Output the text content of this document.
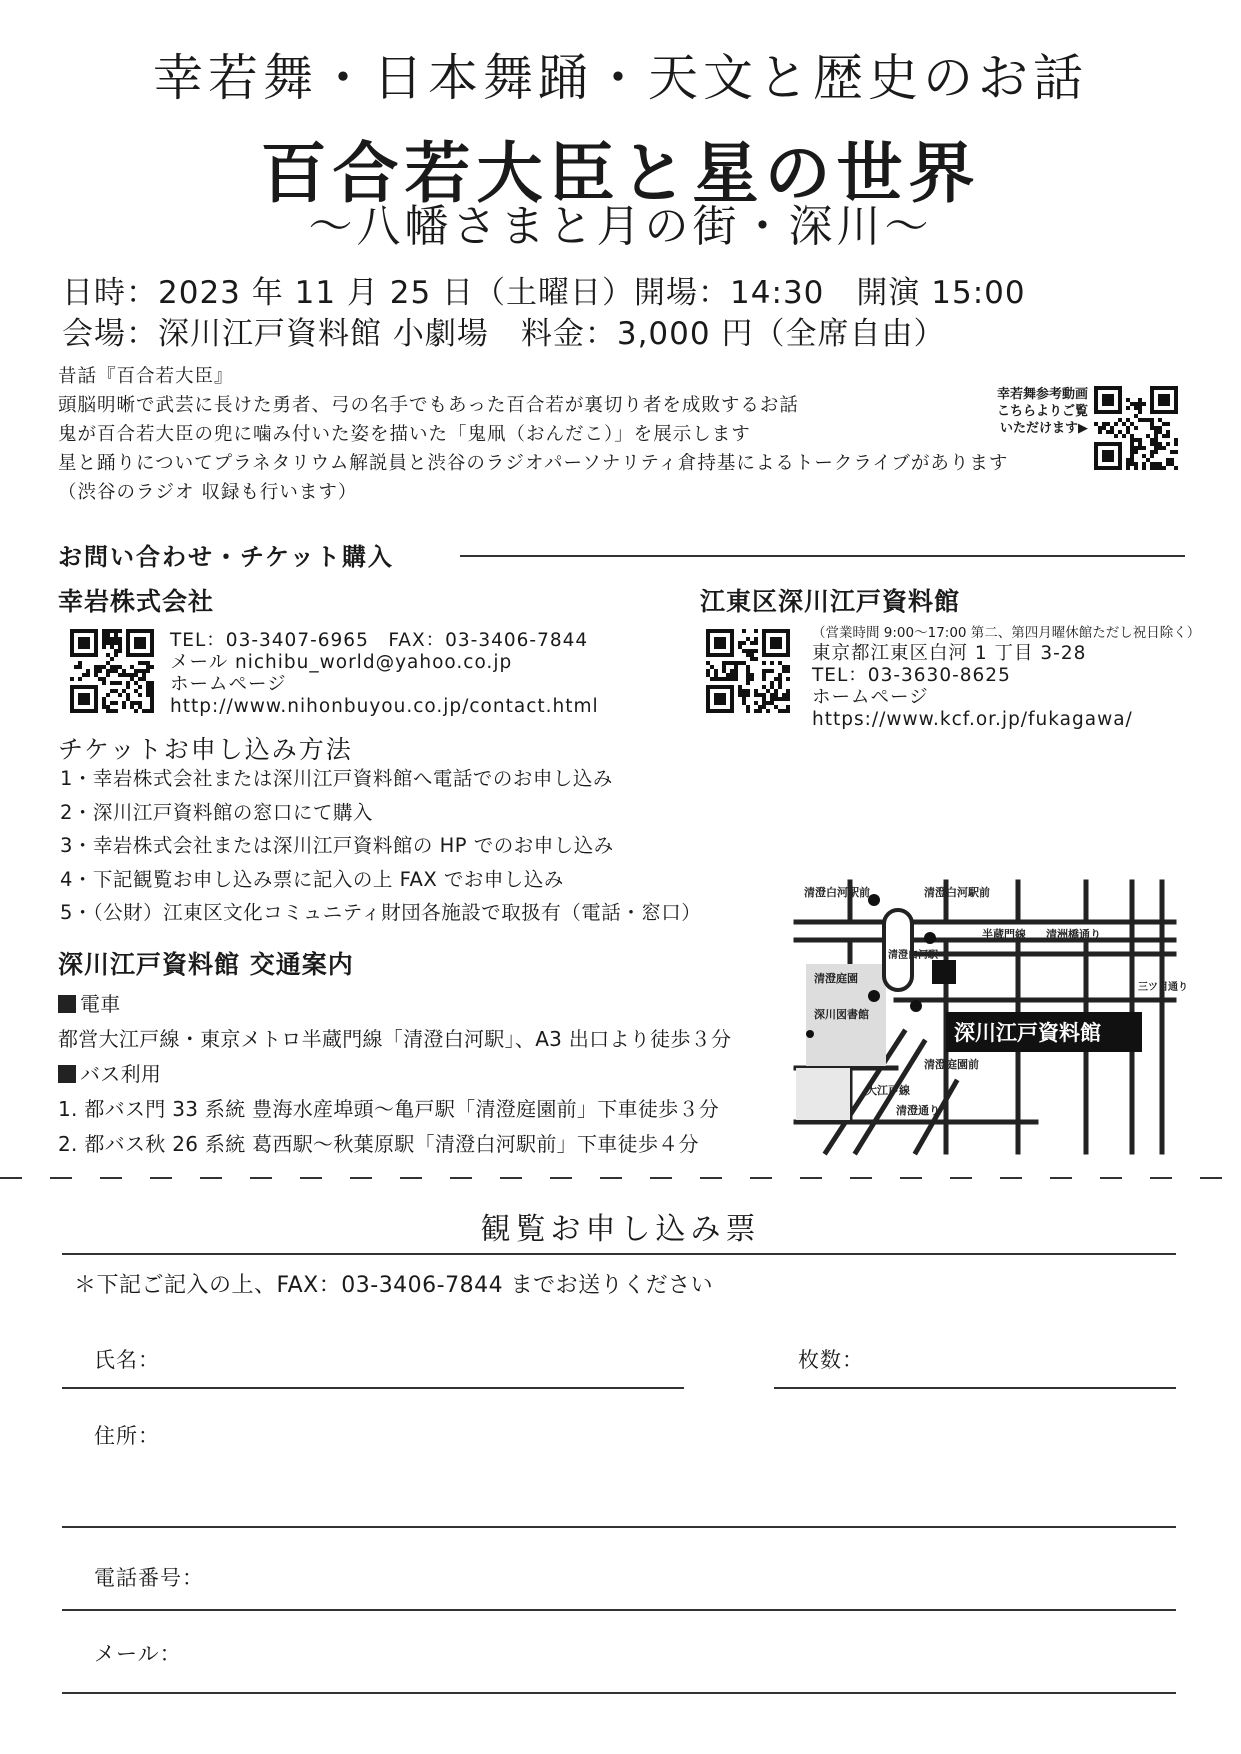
幸若舞・日本舞踊・天文と歴史のお話
百合若大臣と星の世界
〜八幡さまと月の街・深川〜
日時：2023 年 11 月 25 日（土曜日）開場：14:30　開演 15:00
会場：深川江戸資料館 小劇場　料金：3,000 円（全席自由）
昔話『百合若大臣』
頭脳明晰で武芸に長けた勇者、弓の名手でもあった百合若が裏切り者を成敗するお話
鬼が百合若大臣の兜に噛み付いた姿を描いた「鬼凧（おんだこ）」を展示します
星と踊りについてプラネタリウム解説員と渋谷のラジオパーソナリティ倉持基によるトークライブがあります
（渋谷のラジオ 収録も行います）
幸若舞参考動画
こちらよりご覧
いただけます▶
お問い合わせ・チケット購入
幸岩株式会社
TEL：03-3407-6965　FAX：03-3406-7844
メール nichibu_world@yahoo.co.jp
ホームページ
http://www.nihonbuyou.co.jp/contact.html
江東区深川江戸資料館
（営業時間 9:00〜17:00 第二、第四月曜休館ただし祝日除く）
東京都江東区白河 1 丁目 3-28
TEL：03-3630-8625
ホームページ
https://www.kcf.or.jp/fukagawa/
チケットお申し込み方法
1・幸岩株式会社または深川江戸資料館へ電話でのお申し込み
2・深川江戸資料館の窓口にて購入
3・幸岩株式会社または深川江戸資料館の HP でのお申し込み
4・下記観覧お申し込み票に記入の上 FAX でお申し込み
5・（公財）江東区文化コミュニティ財団各施設で取扱有（電話・窓口）
深川江戸資料館 交通案内
電車
都営大江戸線・東京メトロ半蔵門線「清澄白河駅」、A3 出口より徒歩３分
バス利用
1. 都バス門 33 系統 豊海水産埠頭〜亀戸駅「清澄庭園前」下車徒歩３分
2. 都バス秋 26 系統 葛西駅〜秋葉原駅「清澄白河駅前」下車徒歩４分
清澄白河駅前	清澄白河駅前
半蔵門線 清洲橋通り
清澄庭園
深川図書館
清澄庭園前
大江戸線
清澄通り
清澄白河駅
三ツ目通り
深川江戸資料館
観覧お申し込み票
＊下記ご記入の上、FAX：03-3406-7844 までお送りください
氏名：	枚数：
住所：
電話番号：
メール：
